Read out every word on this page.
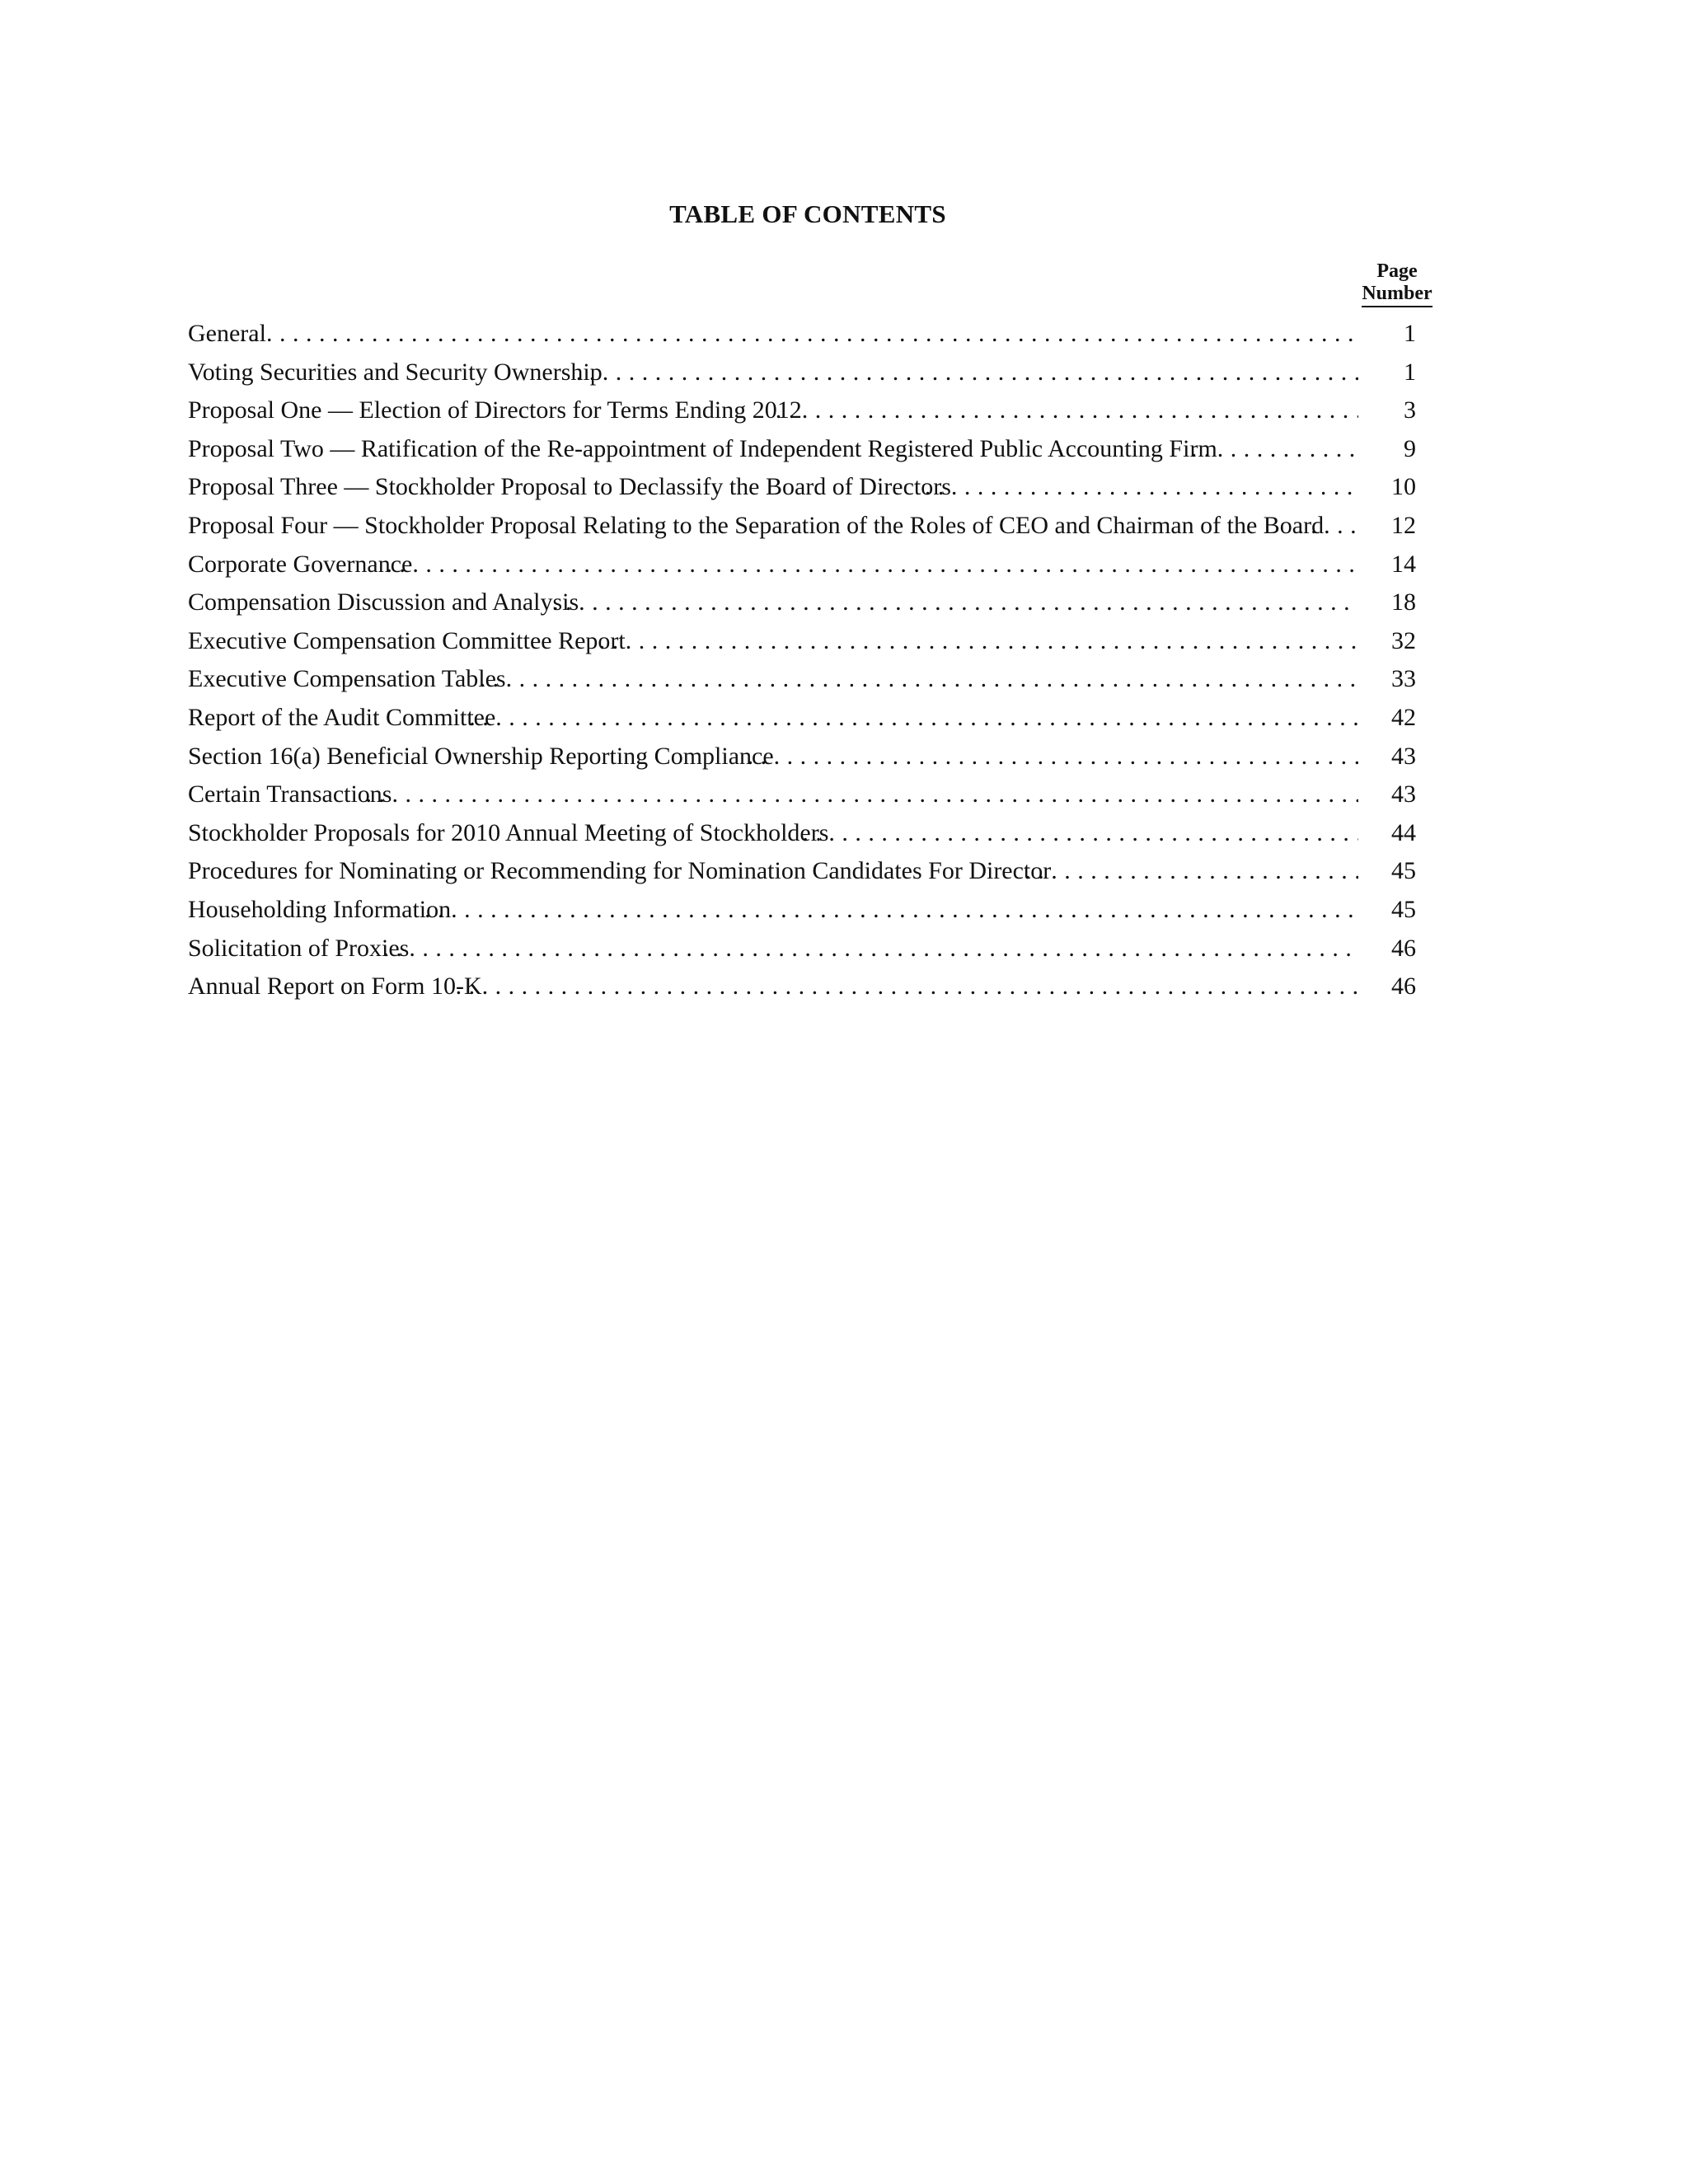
TABLE OF CONTENTS
Page
Number
General . . .	1
Voting Securities and Security Ownership . . .	1
Proposal One — Election of Directors for Terms Ending 2012 . . .	3
Proposal Two — Ratification of the Re-appointment of Independent Registered Public Accounting Firm . . .	9
Proposal Three — Stockholder Proposal to Declassify the Board of Directors . . .	10
Proposal Four — Stockholder Proposal Relating to the Separation of the Roles of CEO and Chairman of the Board . . .	12
Corporate Governance . . .	14
Compensation Discussion and Analysis . . .	18
Executive Compensation Committee Report . . .	32
Executive Compensation Tables . . .	33
Report of the Audit Committee . . .	42
Section 16(a) Beneficial Ownership Reporting Compliance . . .	43
Certain Transactions . . .	43
Stockholder Proposals for 2010 Annual Meeting of Stockholders . . .	44
Procedures for Nominating or Recommending for Nomination Candidates For Director . . .	45
Householding Information . . .	45
Solicitation of Proxies . . .	46
Annual Report on Form 10-K . . .	46
